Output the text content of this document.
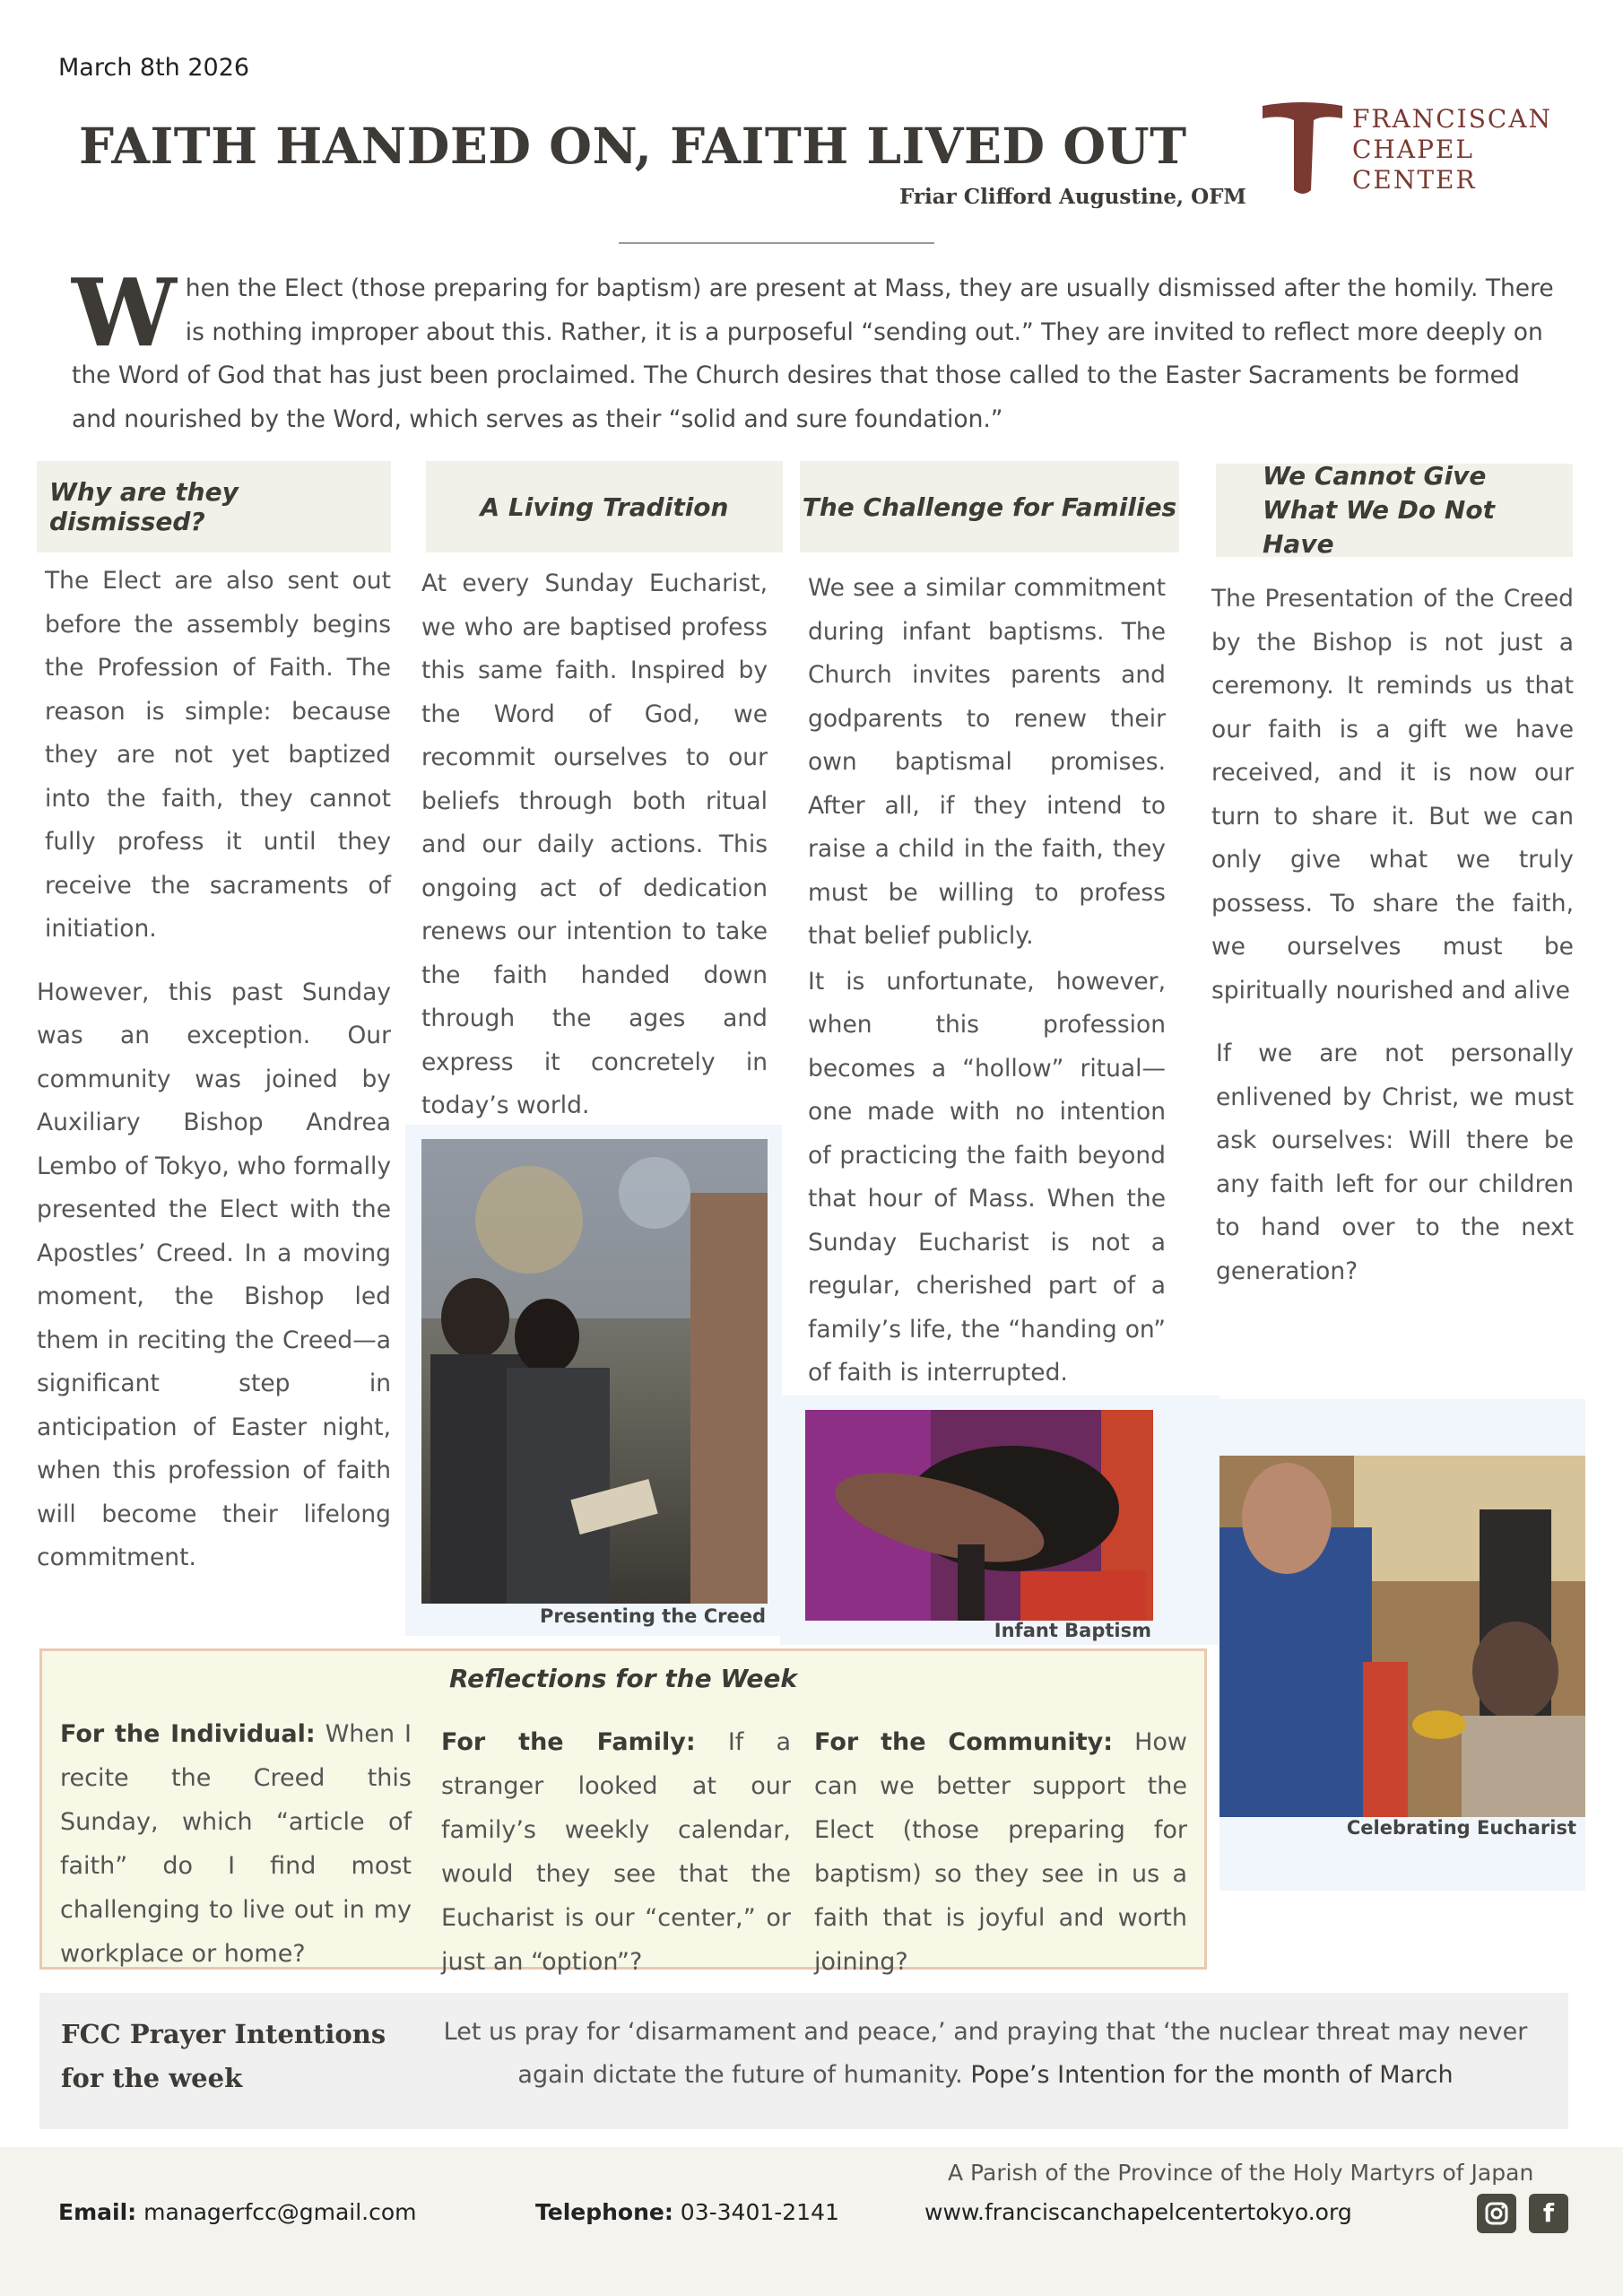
March 8th 2026
FAITH HANDED ON, FAITH LIVED OUT
Friar Clifford Augustine, OFM
FRANCISCAN
CHAPEL
CENTER
W hen the Elect (those preparing for baptism) are present at Mass, they are usually dismissed after the homily. There is nothing improper about this. Rather, it is a purposeful “sending out.” They are invited to reflect more deeply on the Word of God that has just been proclaimed. The Church desires that those called to the Easter Sacraments be formed and nourished by the Word, which serves as their “solid and sure foundation.”
Why are they dismissed?

The Elect are also sent out before the assembly begins the Profession of Faith. The reason is simple: because they are not yet baptized into the faith, they cannot fully profess it until they receive the sacraments of initiation.

However, this past Sunday was an exception. Our community was joined by Auxiliary Bishop Andrea Lembo of Tokyo, who formally presented the Elect with the Apostles’ Creed. In a moving moment, the Bishop led them in reciting the Creed—a significant step in anticipation of Easter night, when this profession of faith will become their lifelong commitment.

A Living Tradition

At every Sunday Eucharist, we who are baptised profess this same faith. Inspired by the Word of God, we recommit ourselves to our beliefs through both ritual and our daily actions. This ongoing act of dedication renews our intention to take the faith handed down through the ages and express it concretely in today’s world.

The Challenge for Families

We see a similar commitment during infant baptisms. The Church invites parents and godparents to renew their own baptismal promises. After all, if they intend to raise a child in the faith, they must be willing to profess that belief publicly.

It is unfortunate, however, when this profession becomes a “hollow” ritual—one made with no intention of practicing the faith beyond that hour of Mass. When the Sunday Eucharist is not a regular, cherished part of a family’s life, the “handing on” of faith is interrupted.

We Cannot Give
What We Do Not Have

The Presentation of the Creed by the Bishop is not just a ceremony. It reminds us that our faith is a gift we have received, and it is now our turn to share it. But we can only give what we truly possess. To share the faith, we ourselves must be spiritually nourished and alive

If we are not personally enlivened by Christ, we must ask ourselves: Will there be any faith left for our children to hand over to the next generation?

Presenting the Creed
Infant Baptism
Celebrating Eucharist
Reflections for the Week
For the Individual: When I recite the Creed this Sunday, which “article of faith” do I find most challenging to live out in my workplace or home?
For the Family: If a stranger looked at our family’s weekly calendar, would they see that the Eucharist is our “center,” or just an “option”?
For the Community: How can we better support the Elect (those preparing for baptism) so they see in us a faith that is joyful and worth joining?
FCC Prayer Intentions
for the week
Let us pray for ‘disarmament and peace,’ and praying that ‘the nuclear threat may never again dictate the future of humanity. Pope’s Intention for the month of March
A Parish of the Province of the Holy Martyrs of Japan
Email: managerfcc@gmail.com	Telephone: 03-3401-2141	www.franciscanchapelcentertokyo.org	f
